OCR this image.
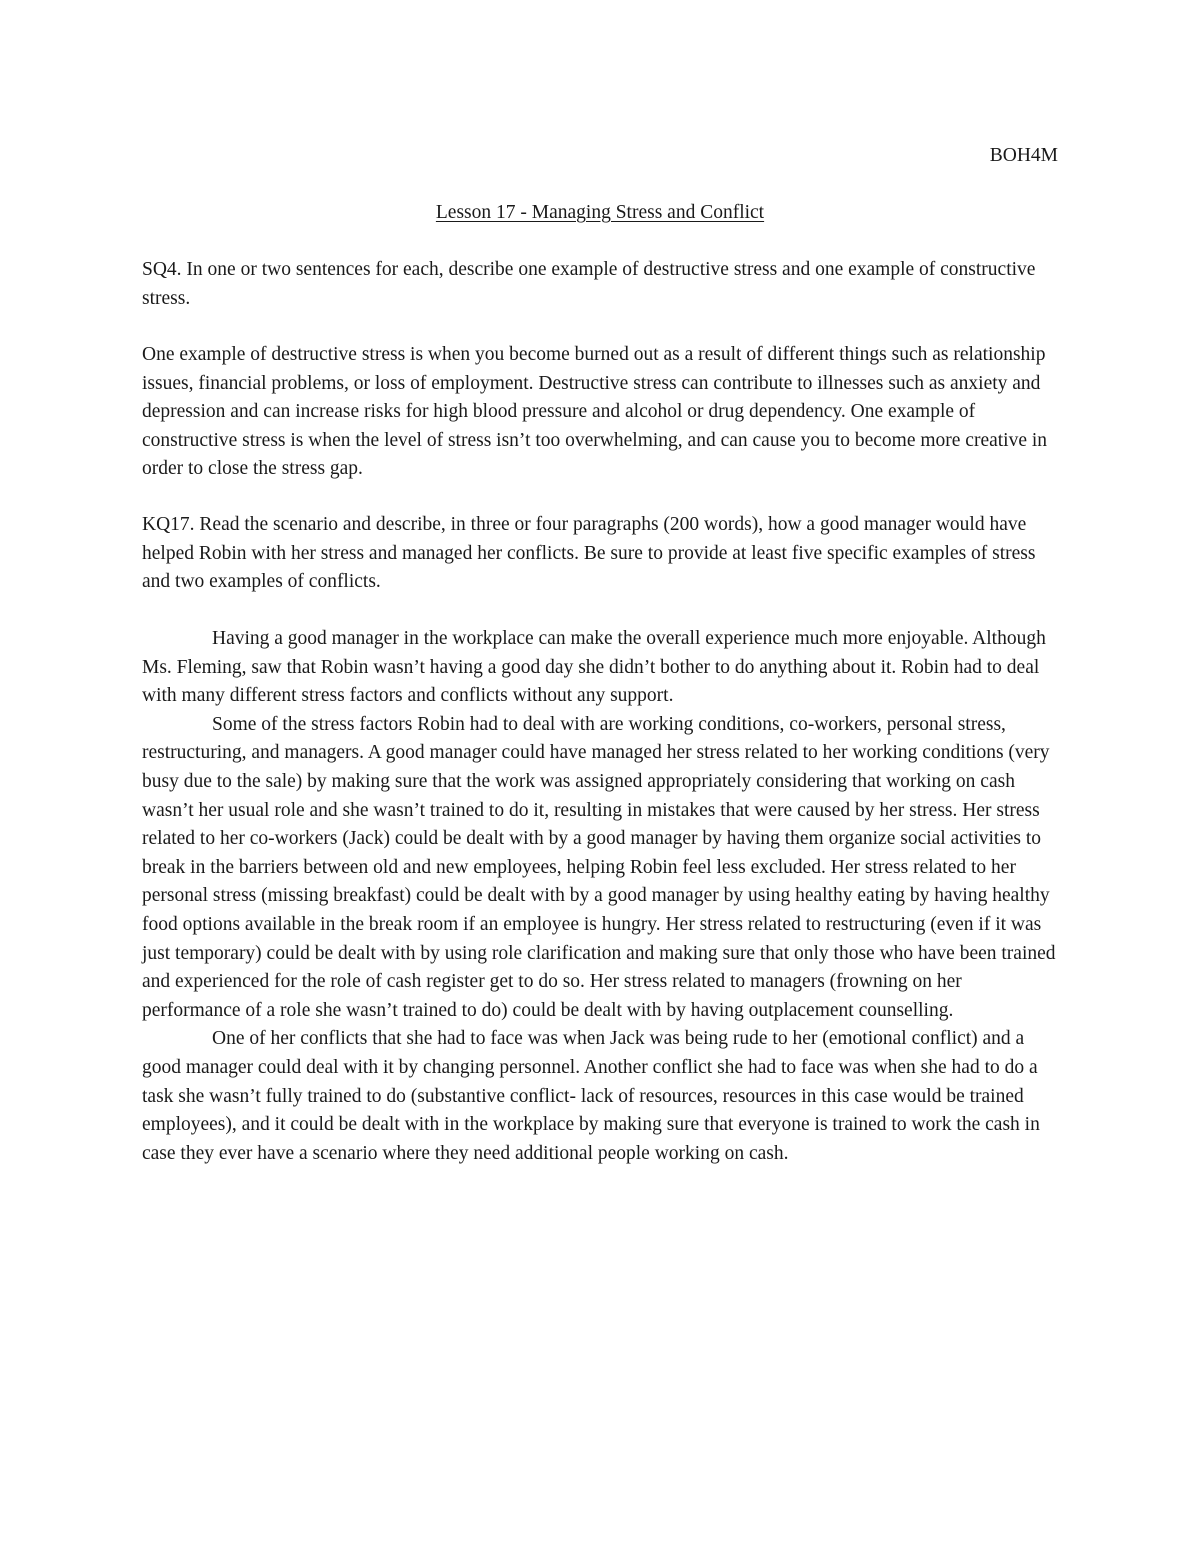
BOH4M
Lesson 17 - Managing Stress and Conflict

SQ4. In one or two sentences for each, describe one example of destructive stress and one example of constructive stress.

One example of destructive stress is when you become burned out as a result of different things such as relationship issues, financial problems, or loss of employment. Destructive stress can contribute to illnesses such as anxiety and depression and can increase risks for high blood pressure and alcohol or drug dependency. One example of constructive stress is when the level of stress isn’t too overwhelming, and can cause you to become more creative in order to close the stress gap.

KQ17. Read the scenario and describe, in three or four paragraphs (200 words), how a good manager would have helped Robin with her stress and managed her conflicts. Be sure to provide at least five specific examples of stress and two examples of conflicts.

Having a good manager in the workplace can make the overall experience much more enjoyable. Although Ms. Fleming, saw that Robin wasn’t having a good day she didn’t bother to do anything about it. Robin had to deal with many different stress factors and conflicts without any support.

Some of the stress factors Robin had to deal with are working conditions, co-workers, personal stress, restructuring, and managers. A good manager could have managed her stress related to her working conditions (very busy due to the sale) by making sure that the work was assigned appropriately considering that working on cash wasn’t her usual role and she wasn’t trained to do it, resulting in mistakes that were caused by her stress. Her stress related to her co-workers (Jack) could be dealt with by a good manager by having them organize social activities to break in the barriers between old and new employees, helping Robin feel less excluded. Her stress related to her personal stress (missing breakfast) could be dealt with by a good manager by using healthy eating by having healthy food options available in the break room if an employee is hungry. Her stress related to restructuring (even if it was just temporary) could be dealt with by using role clarification and making sure that only those who have been trained and experienced for the role of cash register get to do so. Her stress related to managers (frowning on her performance of a role she wasn’t trained to do) could be dealt with by having outplacement counselling.

One of her conflicts that she had to face was when Jack was being rude to her (emotional conflict) and a good manager could deal with it by changing personnel. Another conflict she had to face was when she had to do a task she wasn’t fully trained to do (substantive conflict- lack of resources, resources in this case would be trained employees), and it could be dealt with in the workplace by making sure that everyone is trained to work the cash in case they ever have a scenario where they need additional people working on cash.
